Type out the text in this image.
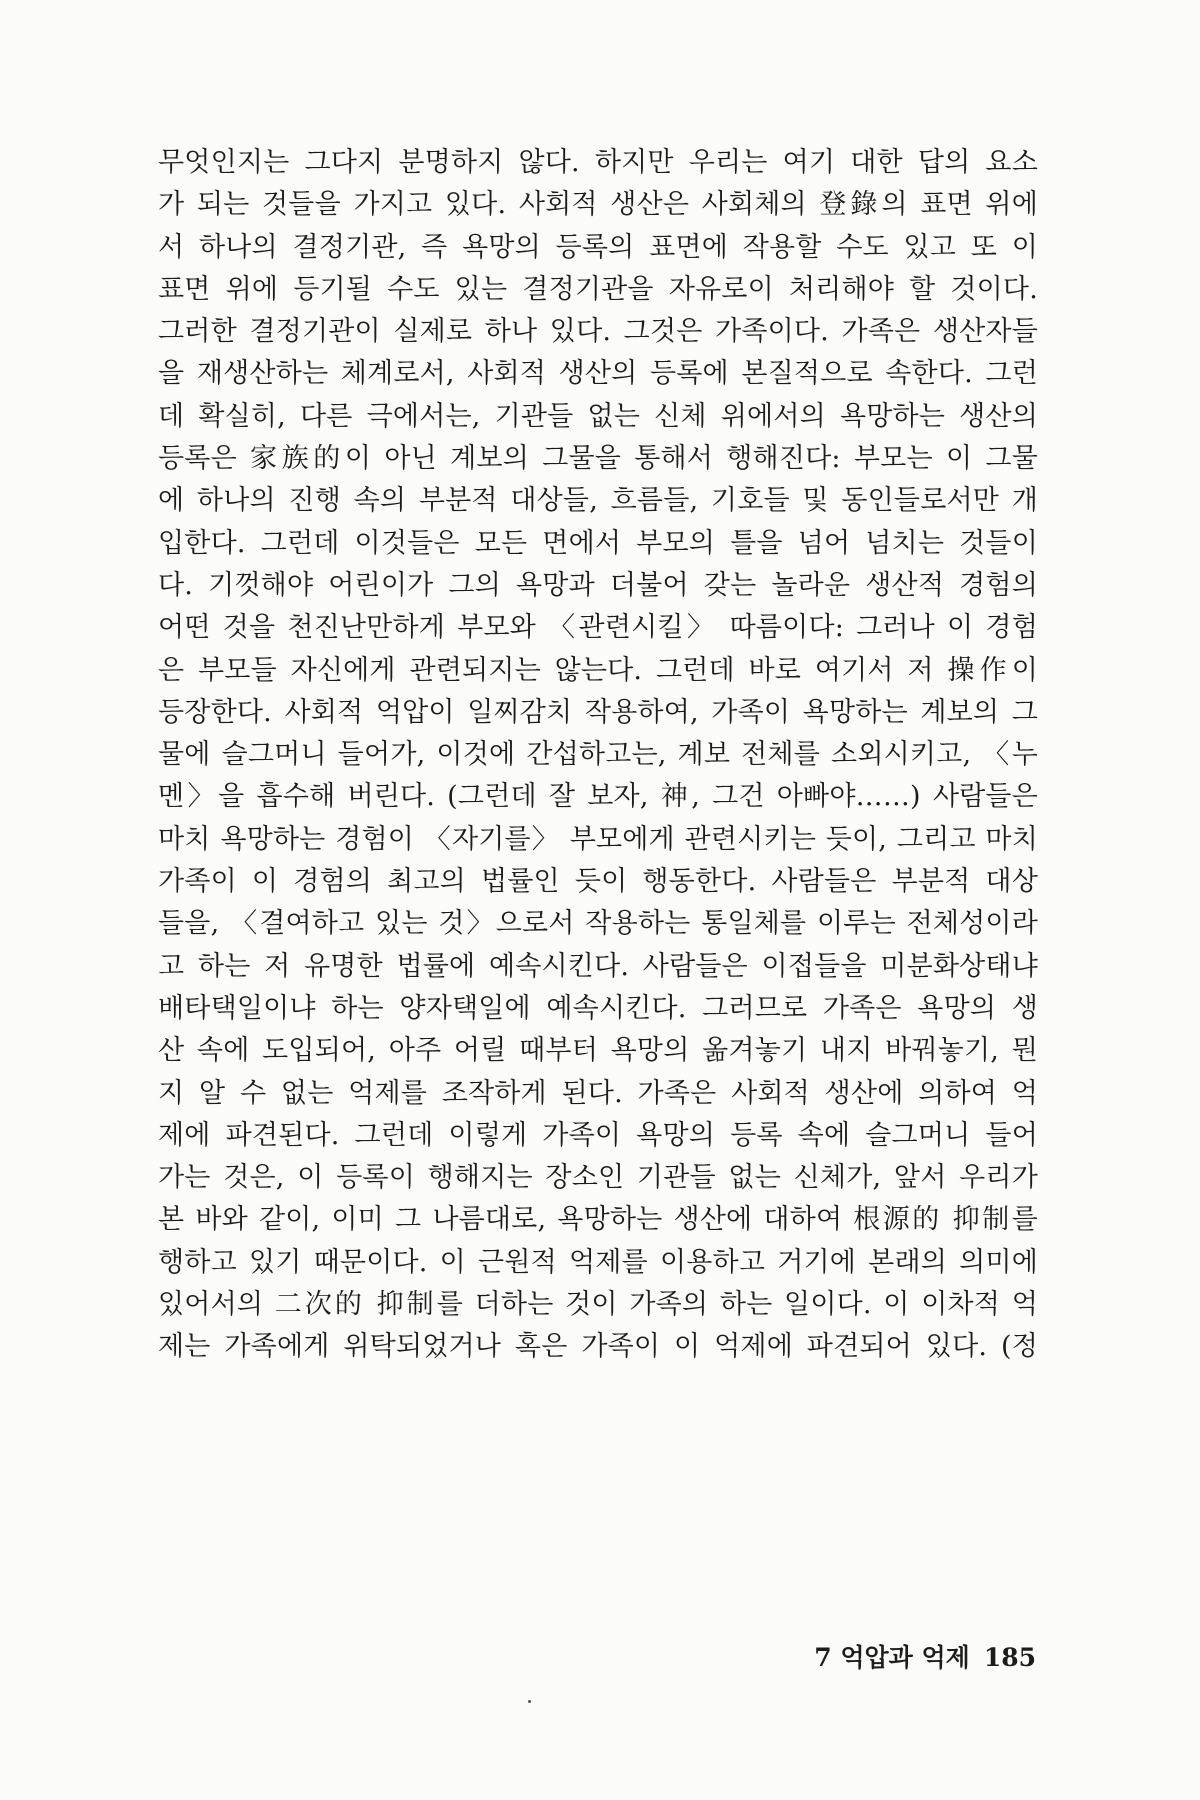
무엇인지는 그다지 분명하지 않다. 하지만 우리는 여기 대한 답의 요소
가 되는 것들을 가지고 있다. 사회적 생산은 사회체의 登錄의 표면 위에
서 하나의 결정기관, 즉 욕망의 등록의 표면에 작용할 수도 있고 또 이
표면 위에 등기될 수도 있는 결정기관을 자유로이 처리해야 할 것이다.
그러한 결정기관이 실제로 하나 있다. 그것은 가족이다. 가족은 생산자들
을 재생산하는 체계로서, 사회적 생산의 등록에 본질적으로 속한다. 그런
데 확실히, 다른 극에서는, 기관들 없는 신체 위에서의 욕망하는 생산의
등록은 家族的이 아닌 계보의 그물을 통해서 행해진다: 부모는 이 그물
에 하나의 진행 속의 부분적 대상들, 흐름들, 기호들 및 동인들로서만 개
입한다. 그런데 이것들은 모든 면에서 부모의 틀을 넘어 넘치는 것들이
다. 기껏해야 어린이가 그의 욕망과 더불어 갖는 놀라운 생산적 경험의
어떤 것을 천진난만하게 부모와 〈관련시킬〉 따름이다: 그러나 이 경험
은 부모들 자신에게 관련되지는 않는다. 그런데 바로 여기서 저 操作이
등장한다. 사회적 억압이 일찌감치 작용하여, 가족이 욕망하는 계보의 그
물에 슬그머니 들어가, 이것에 간섭하고는, 계보 전체를 소외시키고, 〈누
멘〉을 흡수해 버린다. (그런데 잘 보자, 神, 그건 아빠야……) 사람들은
마치 욕망하는 경험이 〈자기를〉 부모에게 관련시키는 듯이, 그리고 마치
가족이 이 경험의 최고의 법률인 듯이 행동한다. 사람들은 부분적 대상
들을, 〈결여하고 있는 것〉으로서 작용하는 통일체를 이루는 전체성이라
고 하는 저 유명한 법률에 예속시킨다. 사람들은 이접들을 미분화상태냐
배타택일이냐 하는 양자택일에 예속시킨다. 그러므로 가족은 욕망의 생
산 속에 도입되어, 아주 어릴 때부터 욕망의 옮겨놓기 내지 바꿔놓기, 뭔
지 알 수 없는 억제를 조작하게 된다. 가족은 사회적 생산에 의하여 억
제에 파견된다. 그런데 이렇게 가족이 욕망의 등록 속에 슬그머니 들어
가는 것은, 이 등록이 행해지는 장소인 기관들 없는 신체가, 앞서 우리가
본 바와 같이, 이미 그 나름대로, 욕망하는 생산에 대하여 根源的 抑制를
행하고 있기 때문이다. 이 근원적 억제를 이용하고 거기에 본래의 의미에
있어서의 二次的 抑制를 더하는 것이 가족의 하는 일이다. 이 이차적 억
제는 가족에게 위탁되었거나 혹은 가족이 이 억제에 파견되어 있다. (정
7 억압과 억제 185
